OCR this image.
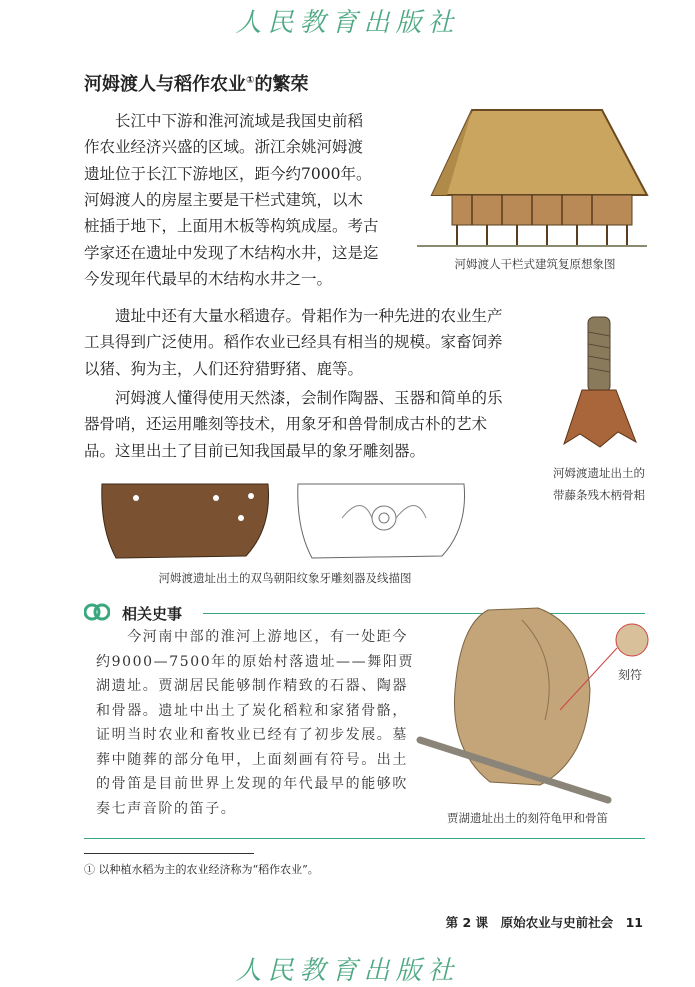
人民教育出版社
河姆渡人与稻作农业①的繁荣
　　长江中下游和淮河流域是我国史前稻
作农业经济兴盛的区域。浙江余姚河姆渡
遗址位于长江下游地区，距今约7000年。
河姆渡人的房屋主要是干栏式建筑，以木
桩插于地下，上面用木板等构筑成屋。考古
学家还在遗址中发现了木结构水井，这是迄
今发现年代最早的木结构水井之一。
　　遗址中还有大量水稻遗存。骨耜作为一种先进的农业生产
工具得到广泛使用。稻作农业已经具有相当的规模。家畜饲养
以猪、狗为主，人们还狩猎野猪、鹿等。
　　河姆渡人懂得使用天然漆，会制作陶器、玉器和简单的乐
器骨哨，还运用雕刻等技术，用象牙和兽骨制成古朴的艺术
品。这里出土了目前已知我国最早的象牙雕刻器。
河姆渡人干栏式建筑复原想象图
河姆渡遗址出土的
带藤条残木柄骨耜
河姆渡遗址出土的双鸟朝阳纹象牙雕刻器及线描图
相关史事
　　今河南中部的淮河上游地区，有一处距今
约9000—7500年的原始村落遗址——舞阳贾
湖遗址。贾湖居民能够制作精致的石器、陶器
和骨器。遗址中出土了炭化稻粒和家猪骨骼，
证明当时农业和畜牧业已经有了初步发展。墓
葬中随葬的部分龟甲，上面刻画有符号。出土
的骨笛是目前世界上发现的年代最早的能够吹
奏七声音阶的笛子。
刻符
贾湖遗址出土的刻符龟甲和骨笛
① 以种植水稻为主的农业经济称为“稻作农业”。
第 2 课　 原始农业与史前社会　 11
人民教育出版社
